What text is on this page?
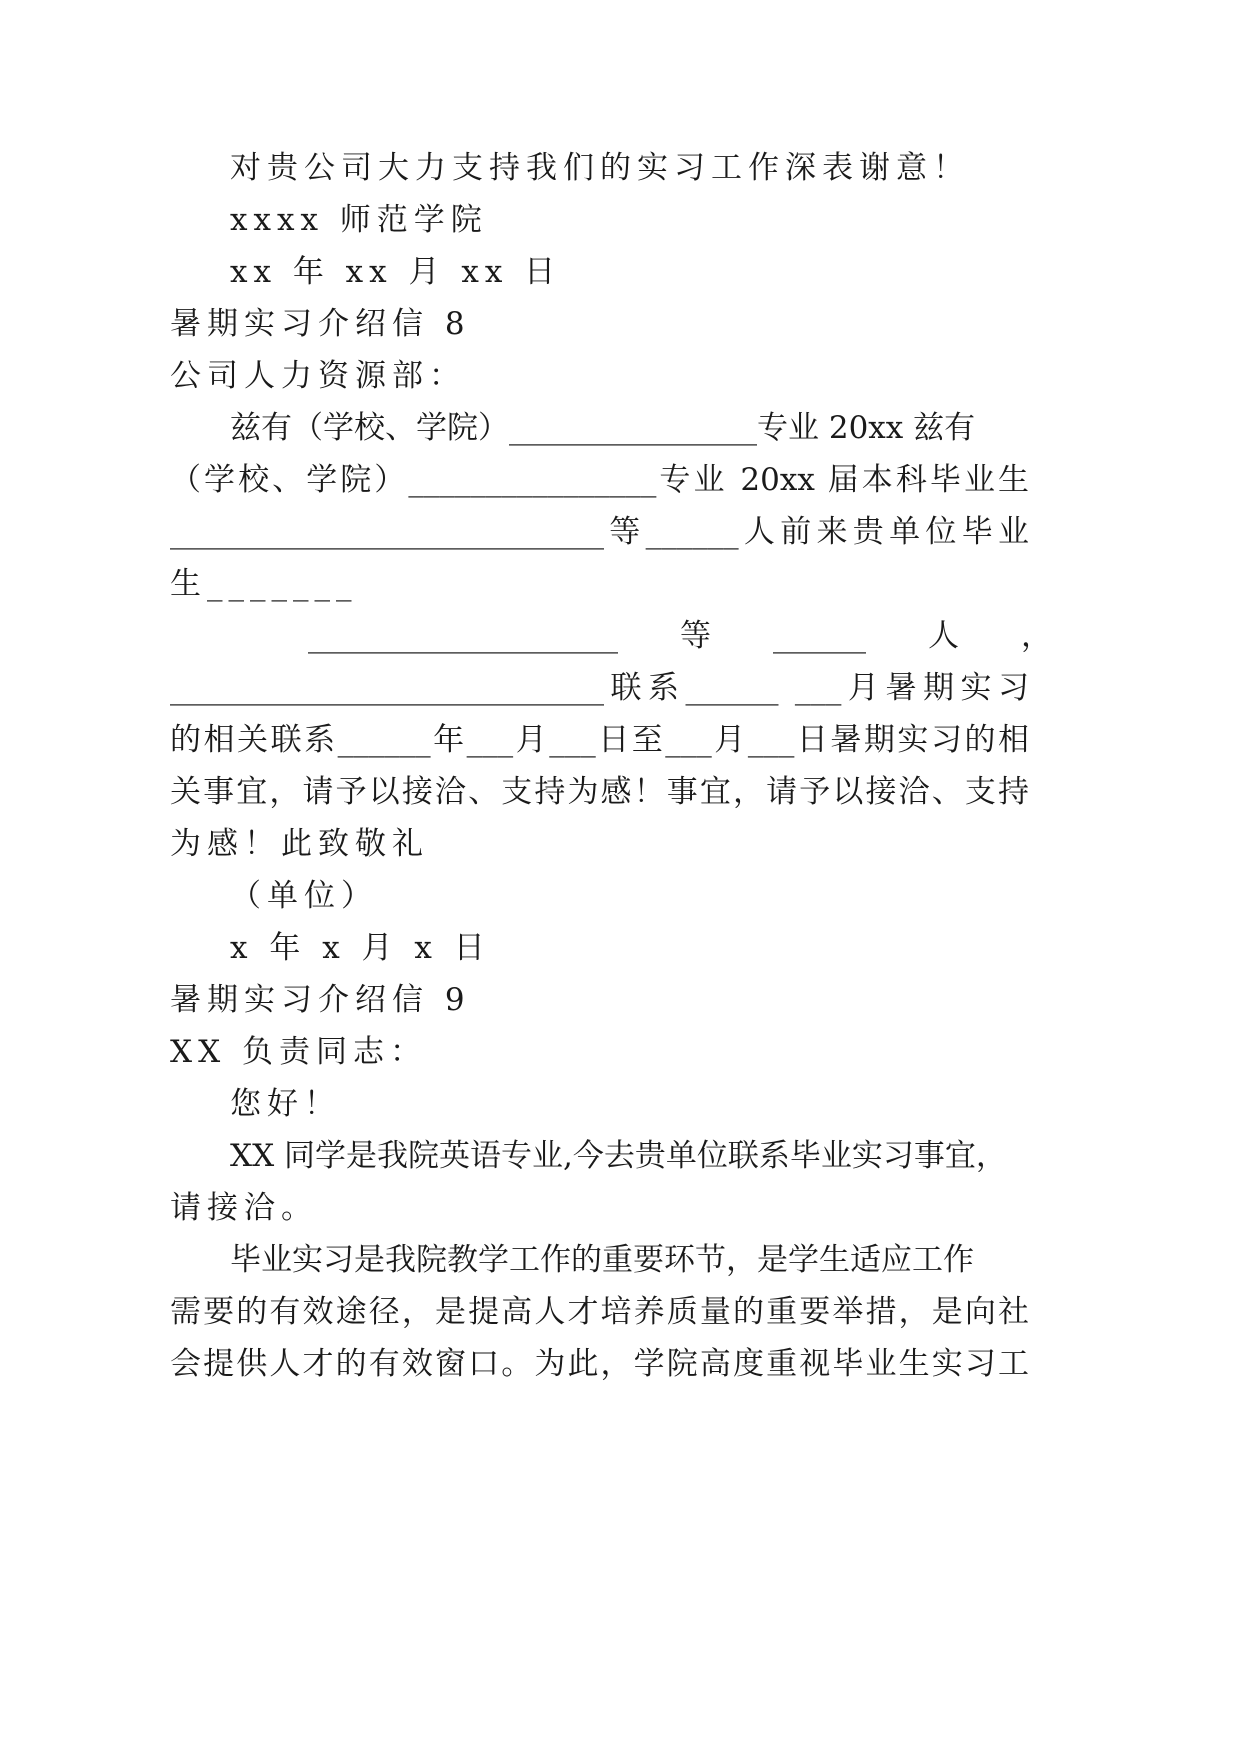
对贵公司大力支持我们的实习工作深表谢意！
xxxx 师范学院
xx 年 xx 月 xx 日
暑期实习介绍信 8
公司人力资源部：
兹有（学校、学院）________________专业 20xx 兹有
（学校、学院）________________专业 20xx 届本科毕业生
____________________________等______人前来贵单位毕业
生_______
____________________　　等　　______　　人　　，
____________________________联系______ ___月暑期实习
的相关联系______年___月___日至___月___日暑期实习的相
关事宜，请予以接洽、支持为感！事宜，请予以接洽、支持
为感！此致敬礼
（单位）
x 年 x 月 x 日
暑期实习介绍信 9
XX 负责同志：
您好！
XX 同学是我院英语专业,今去贵单位联系毕业实习事宜，
请接洽。
毕业实习是我院教学工作的重要环节，是学生适应工作
需要的有效途径，是提高人才培养质量的重要举措，是向社
会提供人才的有效窗口。为此，学院高度重视毕业生实习工
